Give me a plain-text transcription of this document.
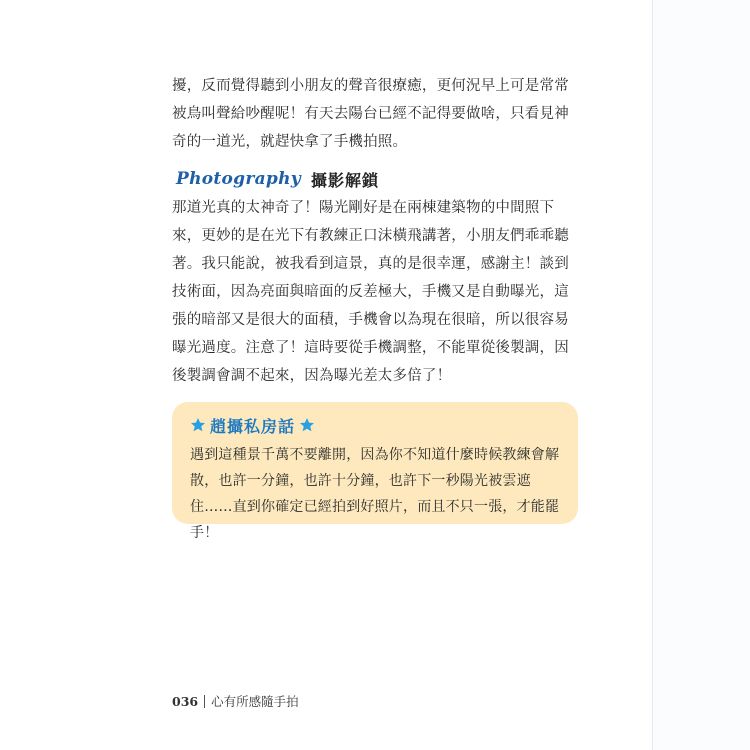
擾，反而覺得聽到小朋友的聲音很療癒，更何況早上可是常常被鳥叫聲給吵醒呢！有天去陽台已經不記得要做啥，只看見神奇的一道光，就趕快拿了手機拍照。
Photography 攝影解鎖
那道光真的太神奇了！陽光剛好是在兩棟建築物的中間照下來，更妙的是在光下有教練正口沫橫飛講著，小朋友們乖乖聽著。我只能說，被我看到這景，真的是很幸運，感謝主！談到技術面，因為亮面與暗面的反差極大，手機又是自動曝光，這張的暗部又是很大的面積，手機會以為現在很暗，所以很容易曝光過度。注意了！這時要從手機調整，不能單從後製調，因後製調會調不起來，因為曝光差太多倍了！
趙攝私房話
遇到這種景千萬不要離開，因為你不知道什麼時候教練會解散，也許一分鐘，也許十分鐘，也許下一秒陽光被雲遮住……直到你確定已經拍到好照片，而且不只一張，才能罷手！
036 心有所感隨手拍
